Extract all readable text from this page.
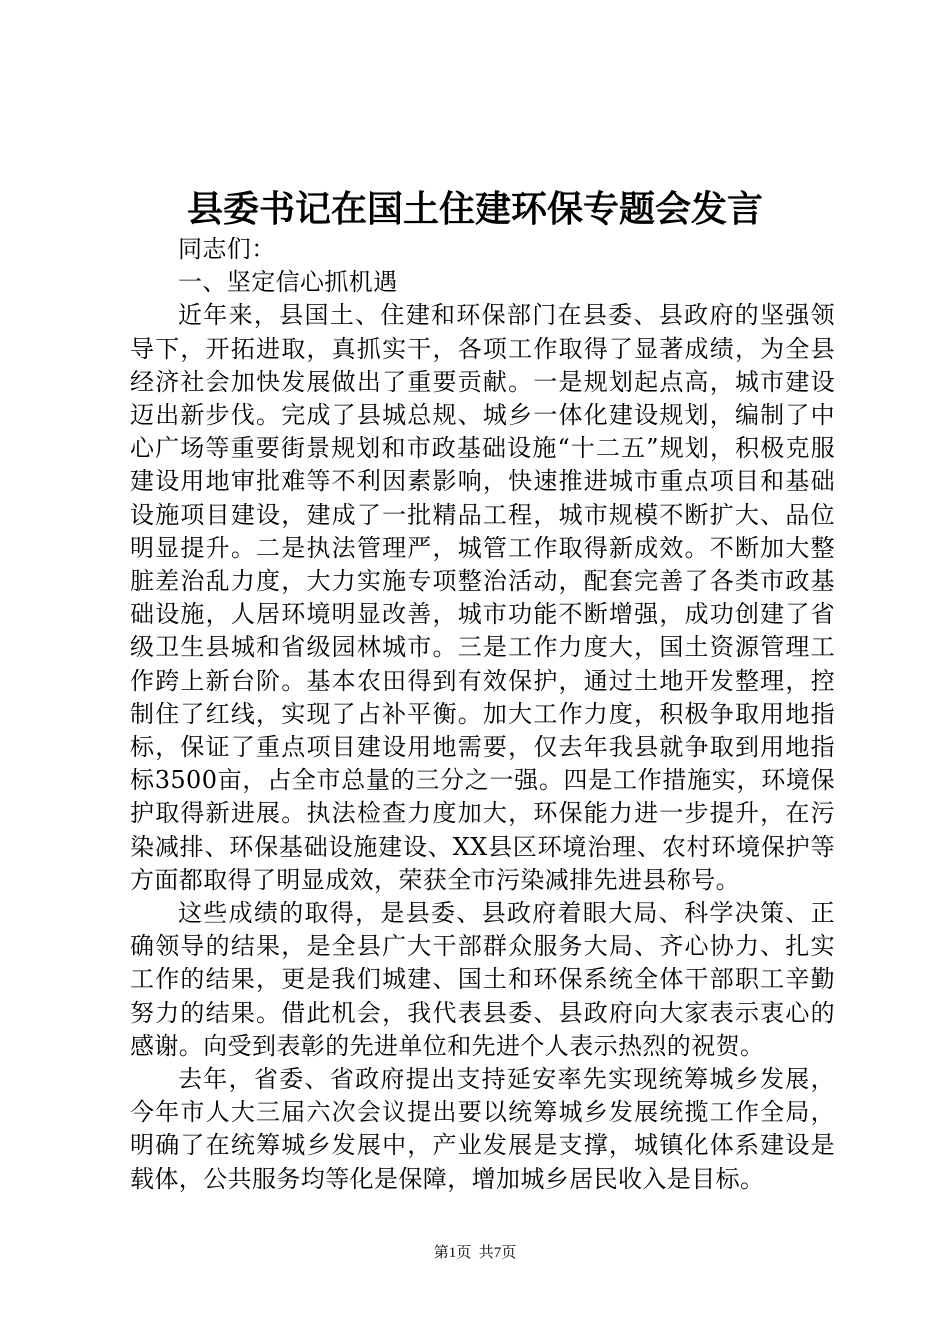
县委书记在国土住建环保专题会发言

同志们：

一、坚定信心抓机遇

近年来，县国土、住建和环保部门在县委、县政府的坚强领导下，开拓进取，真抓实干，各项工作取得了显著成绩，为全县经济社会加快发展做出了重要贡献。一是规划起点高，城市建设迈出新步伐。完成了县城总规、城乡一体化建设规划，编制了中心广场等重要街景规划和市政基础设施“十二五”规划，积极克服建设用地审批难等不利因素影响，快速推进城市重点项目和基础设施项目建设，建成了一批精品工程，城市规模不断扩大、品位明显提升。二是执法管理严，城管工作取得新成效。不断加大整脏差治乱力度，大力实施专项整治活动，配套完善了各类市政基础设施，人居环境明显改善，城市功能不断增强，成功创建了省级卫生县城和省级园林城市。三是工作力度大，国土资源管理工作跨上新台阶。基本农田得到有效保护，通过土地开发整理，控制住了红线，实现了占补平衡。加大工作力度，积极争取用地指标，保证了重点项目建设用地需要，仅去年我县就争取到用地指标3500亩，占全市总量的三分之一强。四是工作措施实，环境保护取得新进展。执法检查力度加大，环保能力进一步提升，在污染减排、环保基础设施建设、XX县区环境治理、农村环境保护等方面都取得了明显成效，荣获全市污染减排先进县称号。

这些成绩的取得，是县委、县政府着眼大局、科学决策、正确领导的结果，是全县广大干部群众服务大局、齐心协力、扎实工作的结果，更是我们城建、国土和环保系统全体干部职工辛勤努力的结果。借此机会，我代表县委、县政府向大家表示衷心的感谢。向受到表彰的先进单位和先进个人表示热烈的祝贺。

去年，省委、省政府提出支持延安率先实现统筹城乡发展，今年市人大三届六次会议提出要以统筹城乡发展统揽工作全局，明确了在统筹城乡发展中，产业发展是支撑，城镇化体系建设是载体，公共服务均等化是保障，增加城乡居民收入是目标。

第1页 共7页
